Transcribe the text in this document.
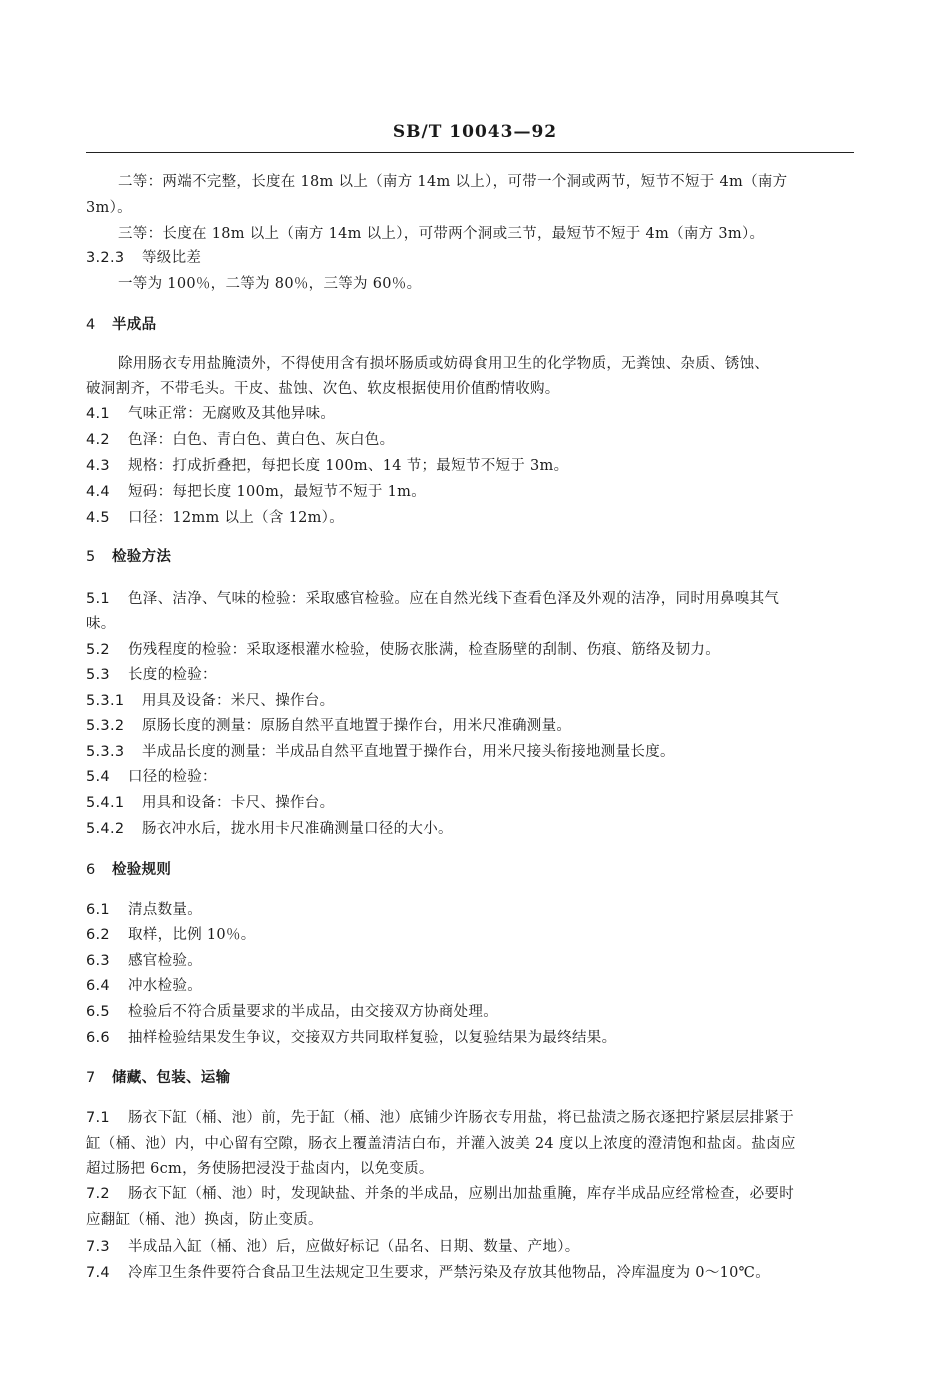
SB/T 10043—92
二等：两端不完整，长度在 18m 以上（南方 14m 以上），可带一个洞或两节，短节不短于 4m（南方
3m）。
三等：长度在 18m 以上（南方 14m 以上），可带两个洞或三节，最短节不短于 4m（南方 3m）。
3.2.3 等级比差
一等为 100％，二等为 80％，三等为 60％。
4 半成品
除用肠衣专用盐腌渍外，不得使用含有损坏肠质或妨碍食用卫生的化学物质，无粪蚀、杂质、锈蚀、
破洞割齐，不带毛头。干皮、盐蚀、次色、软皮根据使用价值酌情收购。
4.1 气味正常：无腐败及其他异味。
4.2 色泽：白色、青白色、黄白色、灰白色。
4.3 规格：打成折叠把，每把长度 100m、14 节；最短节不短于 3m。
4.4 短码：每把长度 100m，最短节不短于 1m。
4.5 口径：12mm 以上（含 12m）。
5 检验方法
5.1 色泽、洁净、气味的检验：采取感官检验。应在自然光线下查看色泽及外观的洁净，同时用鼻嗅其气
味。
5.2 伤残程度的检验：采取逐根灌水检验，使肠衣胀满，检查肠壁的刮制、伤痕、筋络及韧力。
5.3 长度的检验：
5.3.1 用具及设备：米尺、操作台。
5.3.2 原肠长度的测量：原肠自然平直地置于操作台，用米尺准确测量。
5.3.3 半成品长度的测量：半成品自然平直地置于操作台，用米尺接头衔接地测量长度。
5.4 口径的检验：
5.4.1 用具和设备：卡尺、操作台。
5.4.2 肠衣冲水后，拢水用卡尺准确测量口径的大小。
6 检验规则
6.1 清点数量。
6.2 取样，比例 10％。
6.3 感官检验。
6.4 冲水检验。
6.5 检验后不符合质量要求的半成品，由交接双方协商处理。
6.6 抽样检验结果发生争议，交接双方共同取样复验，以复验结果为最终结果。
7 储藏、包装、运输
7.1 肠衣下缸（桶、池）前，先于缸（桶、池）底铺少许肠衣专用盐，将已盐渍之肠衣逐把拧紧层层排紧于
缸（桶、池）内，中心留有空隙，肠衣上覆盖清洁白布，并灌入波美 24 度以上浓度的澄清饱和盐卤。盐卤应
超过肠把 6cm，务使肠把浸没于盐卤内，以免变质。
7.2 肠衣下缸（桶、池）时，发现缺盐、并条的半成品，应剔出加盐重腌，库存半成品应经常检查，必要时
应翻缸（桶、池）换卤，防止变质。
7.3 半成品入缸（桶、池）后，应做好标记（品名、日期、数量、产地）。
7.4 冷库卫生条件要符合食品卫生法规定卫生要求，严禁污染及存放其他物品，冷库温度为 0～10℃。
